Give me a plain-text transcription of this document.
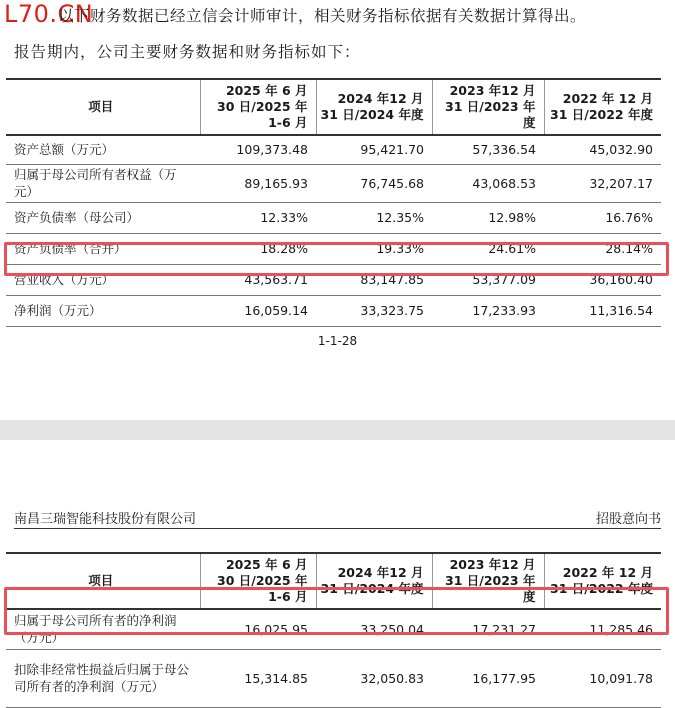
L70.CN
以下财务数据已经立信会计师审计，相关财务指标依据有关数据计算得出。
报告期内，公司主要财务数据和财务指标如下：
项目	2025 年 6 月 30 日/2025 年 1-6 月	2024 年12 月31 日/2024 年度	2023 年12 月31 日/2023 年度	2022 年 12 月 31 日/2022 年度
资产总额（万元）	109,373.48	95,421.70	57,336.54	45,032.90
归属于母公司所有者权益（万元）	89,165.93	76,745.68	43,068.53	32,207.17
资产负债率（母公司）	12.33%	12.35%	12.98%	16.76%
资产负债率（合并）	18.28%	19.33%	24.61%	28.14%
营业收入（万元）	43,563.71	83,147.85	53,377.09	36,160.40
净利润（万元）	16,059.14	33,323.75	17,233.93	11,316.54
1-1-28
南昌三瑞智能科技股份有限公司	招股意向书
项目	2025 年 6 月 30 日/2025 年 1-6 月	2024 年12 月31 日/2024 年度	2023 年12 月31 日/2023 年度	2022 年 12 月 31 日/2022 年度
归属于母公司所有者的净利润（万元）	16,025.95	33,250.04	17,231.27	11,285.46
扣除非经常性损益后归属于母公司所有者的净利润（万元）	15,314.85	32,050.83	16,177.95	10,091.78
